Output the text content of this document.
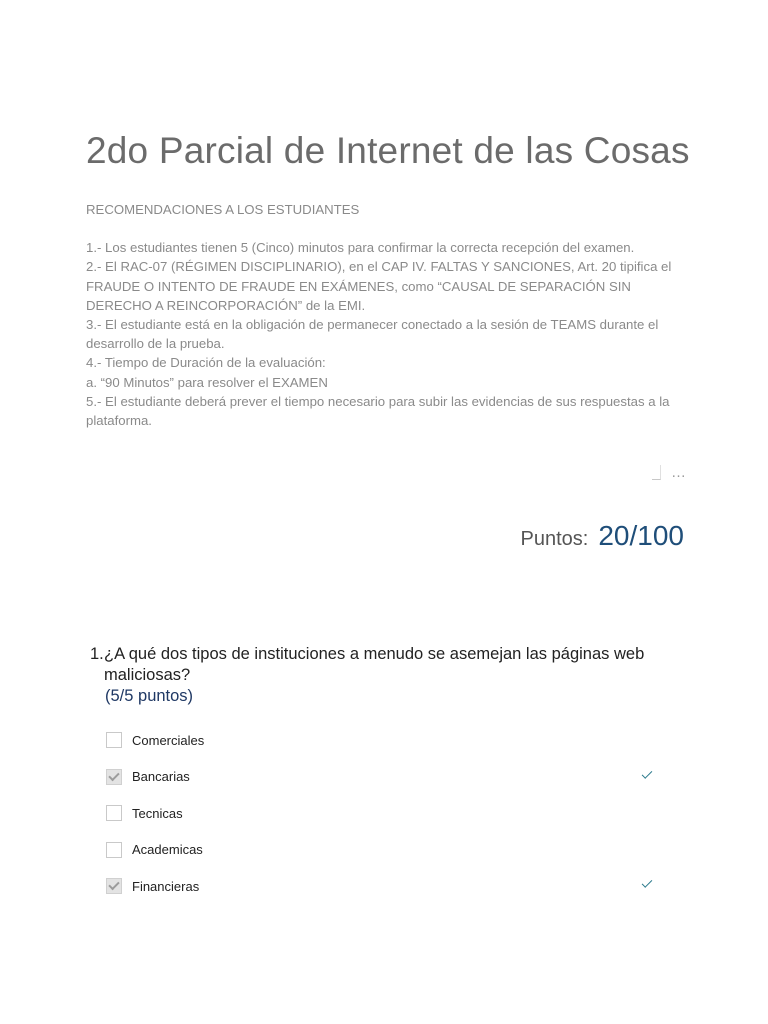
2do Parcial de Internet de las Cosas

RECOMENDACIONES A LOS ESTUDIANTES

1.- Los estudiantes tienen 5 (Cinco) minutos para confirmar la correcta recepción del examen.

2.- El RAC-07 (RÉGIMEN DISCIPLINARIO), en el CAP IV. FALTAS Y SANCIONES, Art. 20 tipifica el FRAUDE O INTENTO DE FRAUDE EN EXÁMENES, como “CAUSAL DE SEPARACIÓN SIN DERECHO A REINCORPORACIÓN” de la EMI.

3.- El estudiante está en la obligación de permanecer conectado a la sesión de TEAMS durante el desarrollo de la prueba.

4.- Tiempo de Duración de la evaluación:

a. “90 Minutos” para resolver el EXAMEN

5.- El estudiante deberá prever el tiempo necesario para subir las evidencias de sus respuestas a la plataforma.

…
Puntos: 20/100
1. ¿A qué dos tipos de instituciones a menudo se asemejan las páginas web maliciosas?
(5/5 puntos)
Comerciales
Bancarias
Tecnicas
Academicas
Financieras
